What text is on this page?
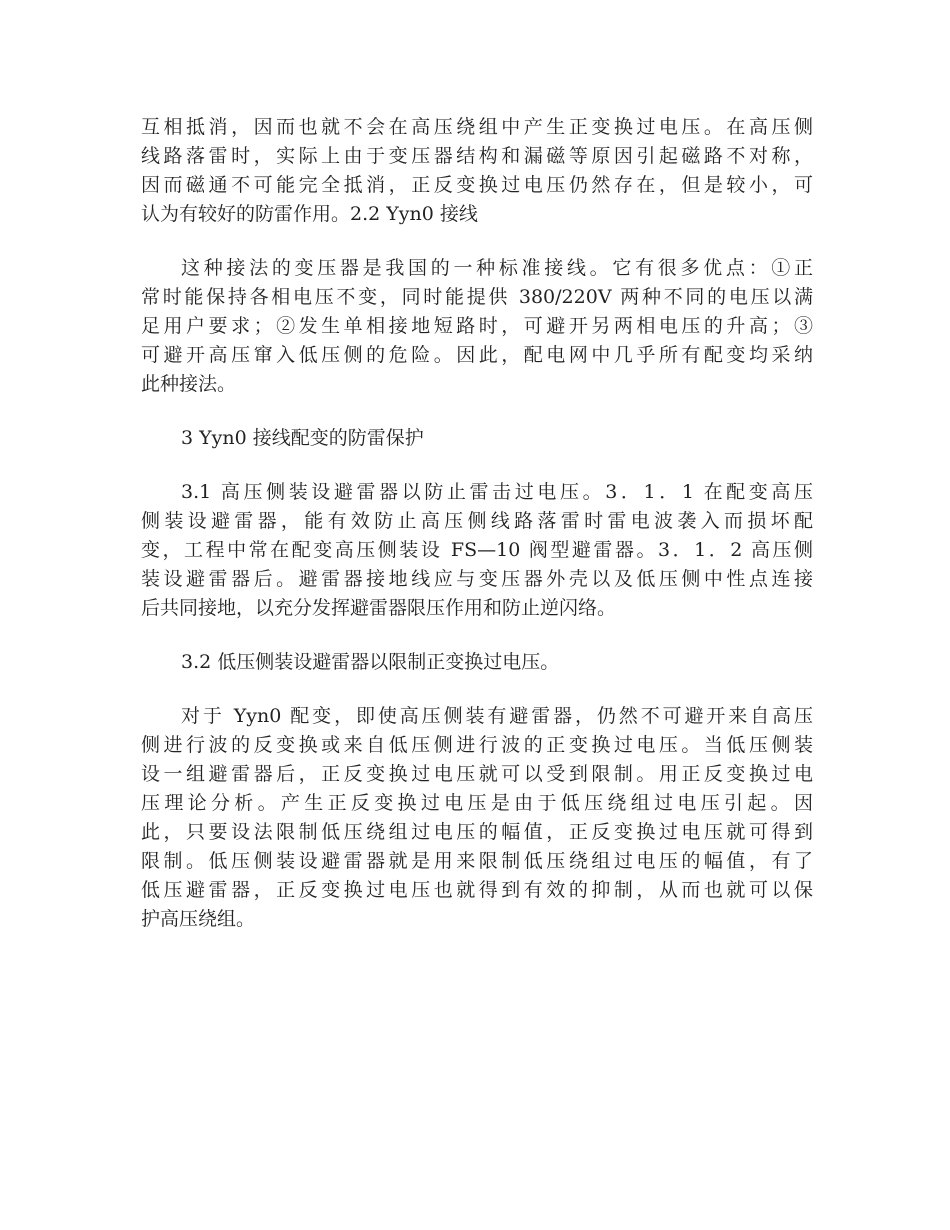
互相抵消，因而也就不会在高压绕组中产生正变换过电压。在高压侧
线路落雷时，实际上由于变压器结构和漏磁等原因引起磁路不对称，
因而磁通不可能完全抵消，正反变换过电压仍然存在，但是较小，可
认为有较好的防雷作用。2.2 Yyn0 接线

这种接法的变压器是我国的一种标准接线。它有很多优点：①正
常时能保持各相电压不变，同时能提供 380/220V 两种不同的电压以满
足用户要求；②发生单相接地短路时，可避开另两相电压的升高；③
可避开高压窜入低压侧的危险。因此，配电网中几乎所有配变均采纳
此种接法。

3 Yyn0 接线配变的防雷保护

3.1 高压侧装设避雷器以防止雷击过电压。3．1．1 在配变高压
侧装设避雷器，能有效防止高压侧线路落雷时雷电波袭入而损坏配
变，工程中常在配变高压侧装设 FS—10 阀型避雷器。3．1．2 高压侧
装设避雷器后。避雷器接地线应与变压器外壳以及低压侧中性点连接
后共同接地，以充分发挥避雷器限压作用和防止逆闪络。

3.2 低压侧装设避雷器以限制正变换过电压。

对于 Yyn0 配变，即使高压侧装有避雷器，仍然不可避开来自高压
侧进行波的反变换或来自低压侧进行波的正变换过电压。当低压侧装
设一组避雷器后，正反变换过电压就可以受到限制。用正反变换过电
压理论分析。产生正反变换过电压是由于低压绕组过电压引起。因
此，只要设法限制低压绕组过电压的幅值，正反变换过电压就可得到
限制。低压侧装设避雷器就是用来限制低压绕组过电压的幅值，有了
低压避雷器，正反变换过电压也就得到有效的抑制，从而也就可以保
护高压绕组。
